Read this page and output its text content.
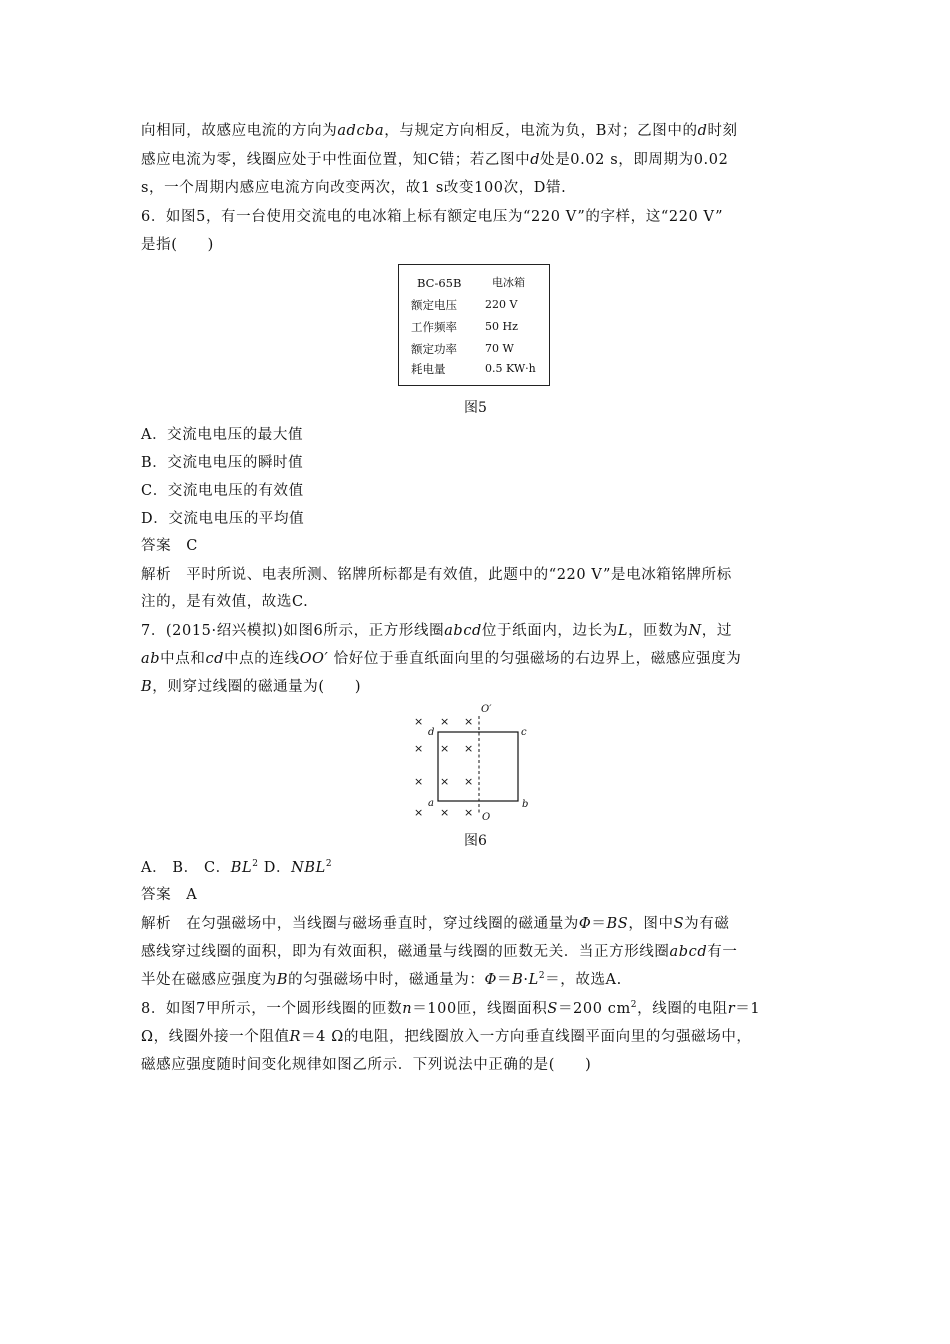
向相同，故感应电流的方向为adcba，与规定方向相反，电流为负，B对；乙图中的d时刻
感应电流为零，线圈应处于中性面位置，知C错；若乙图中d处是0.02 s，即周期为0.02
s，一个周期内感应电流方向改变两次，故1 s改变100次，D错.
6．如图5，有一台使用交流电的电冰箱上标有额定电压为“220 V”的字样，这“220 V”
是指(　　)
BC-65B	电冰箱
额定电压	220 V
工作频率	50 Hz
额定功率	70 W
耗电量	0.5 KW·h
图5
A．交流电电压的最大值
B．交流电电压的瞬时值
C．交流电电压的有效值
D．交流电电压的平均值
答案　C
解析　平时所说、电表所测、铭牌所标都是有效值，此题中的“220 V”是电冰箱铭牌所标
注的，是有效值，故选C.
7．(2015·绍兴模拟)如图6所示，正方形线圈abcd位于纸面内，边长为L，匝数为N，过
ab中点和cd中点的连线OO′ 恰好位于垂直纸面向里的匀强磁场的右边界上，磁感应强度为
B，则穿过线圈的磁通量为(　　)
× × ×
× × ×
× × ×
× × ×
O′
O
d	c
a	b
图6
A． B． C．$BL^2$ D．NBL$^2$
答案　A
解析　在匀强磁场中，当线圈与磁场垂直时，穿过线圈的磁通量为Φ＝BS，图中S为有磁
感线穿过线圈的面积，即为有效面积，磁通量与线圈的匝数无关．当正方形线圈abcd有一
半处在磁感应强度为B的匀强磁场中时，磁通量为：$\Phi=B\cdot L^2=$，故选A.
8．如图7甲所示，一个圆形线圈的匝数n＝100匝，线圈面积S＝200 $cm^2$，线圈的电阻r＝1
Ω，线圈外接一个阻值R＝4 Ω的电阻，把线圈放入一方向垂直线圈平面向里的匀强磁场中，
磁感应强度随时间变化规律如图乙所示．下列说法中正确的是(　　)
